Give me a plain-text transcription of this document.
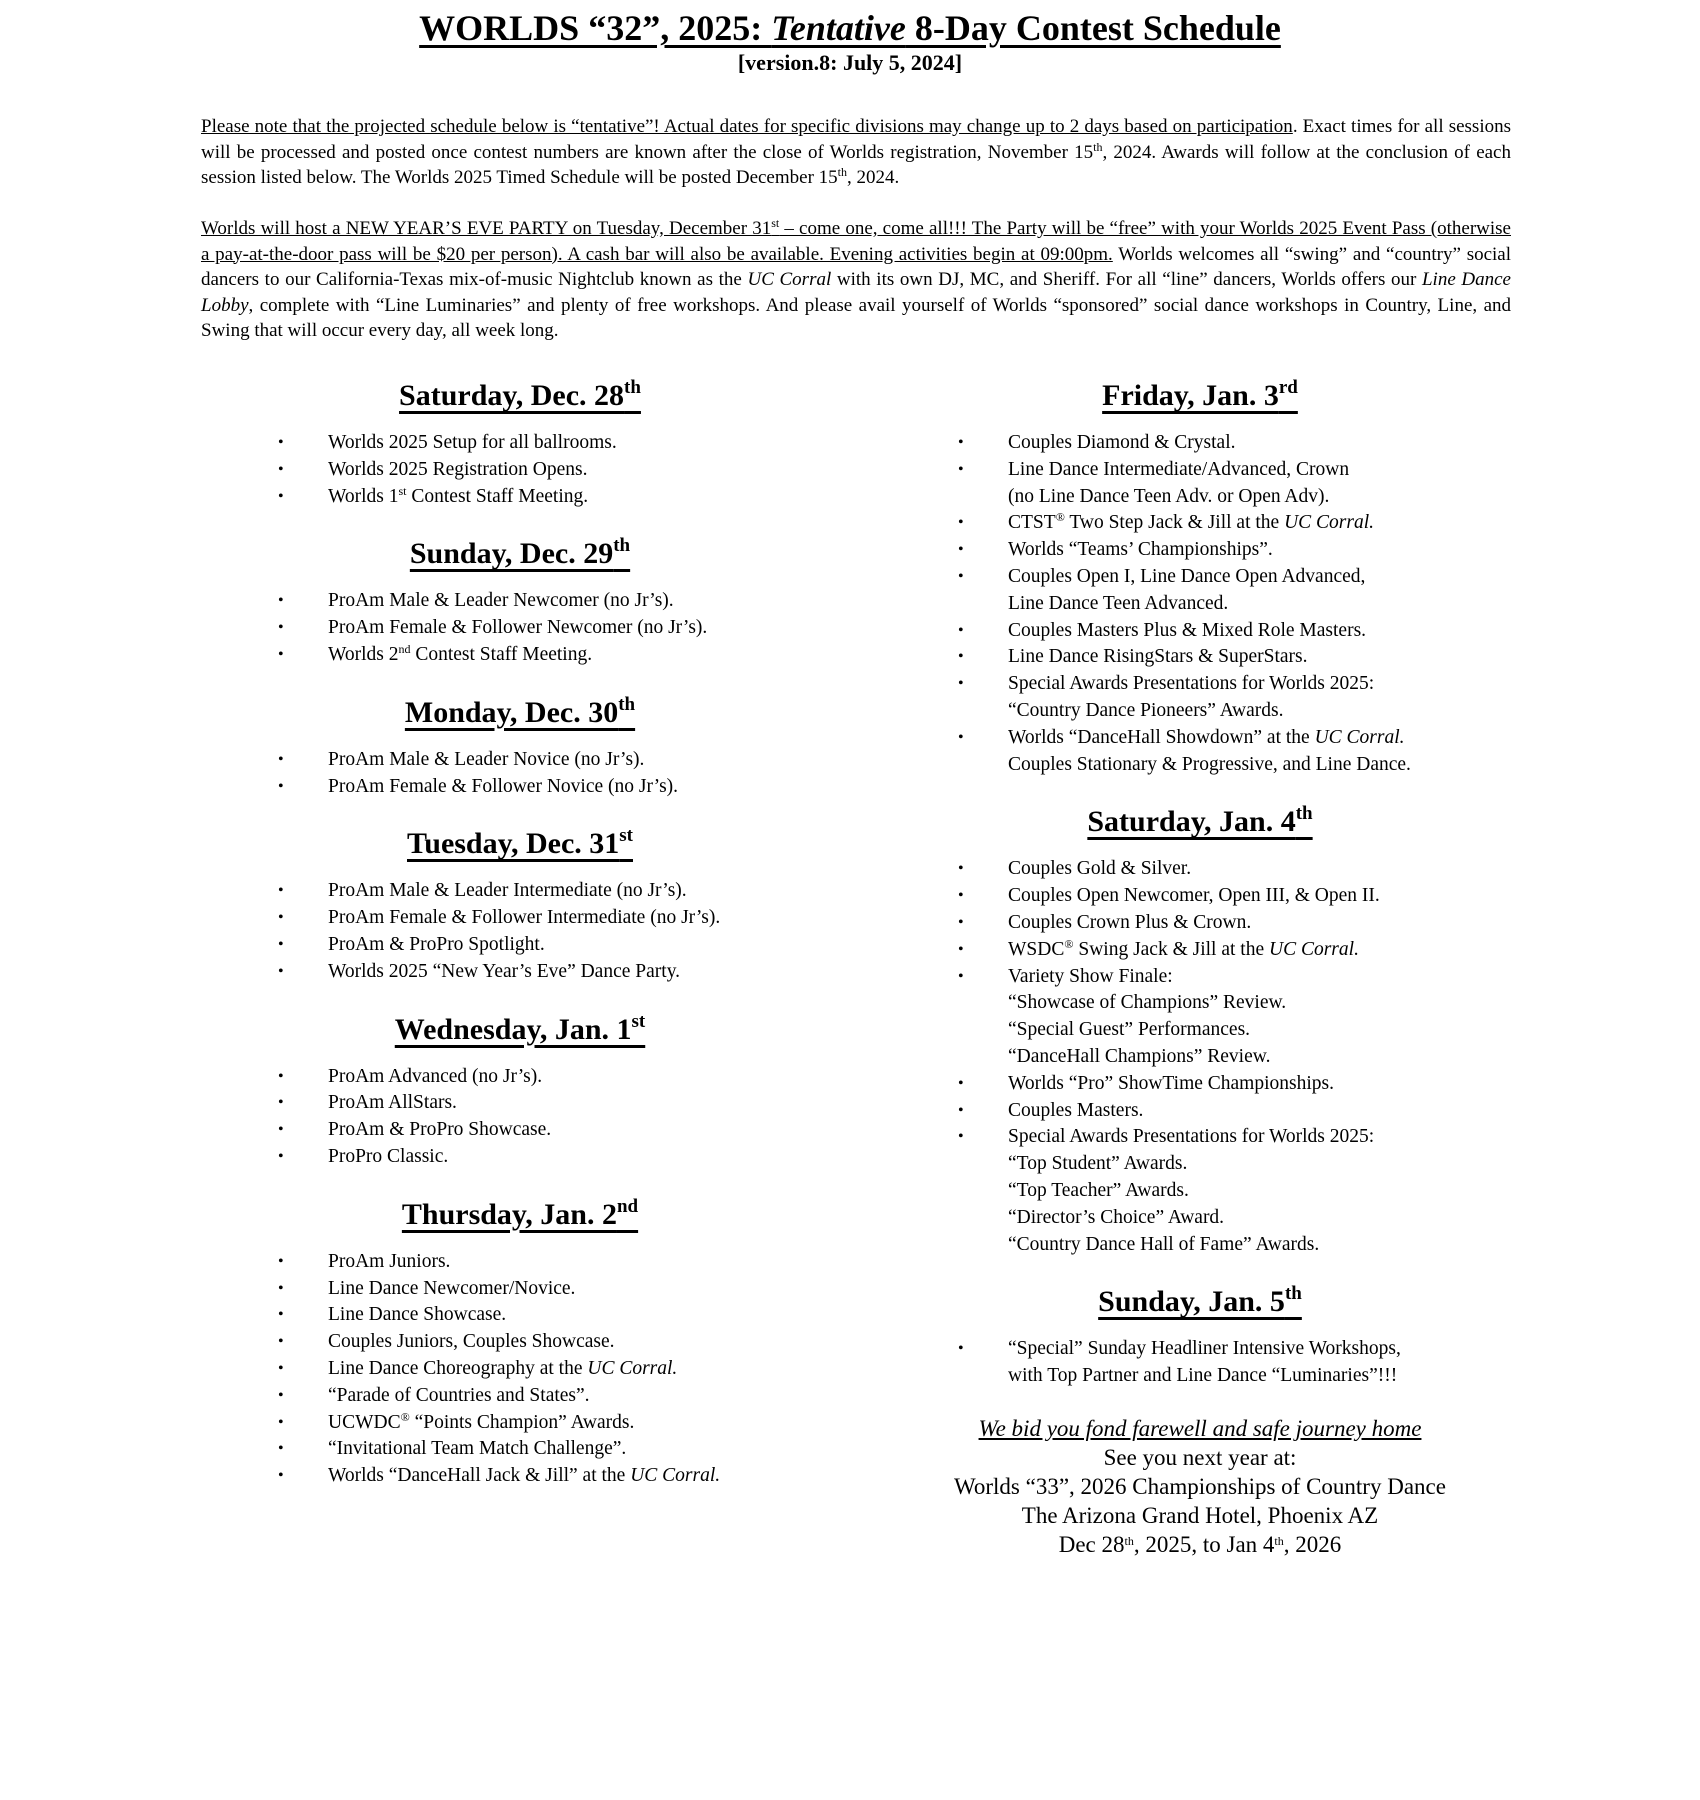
WORLDS “32”, 2025: Tentative 8-Day Contest Schedule
[version.8: July 5, 2024]
Please note that the projected schedule below is “tentative”! Actual dates for specific divisions may change up to 2 days based on participation. Exact times for all sessions will be processed and posted once contest numbers are known after the close of Worlds registration, November 15th, 2024. Awards will follow at the conclusion of each session listed below. The Worlds 2025 Timed Schedule will be posted December 15th, 2024.
Worlds will host a NEW YEAR’S EVE PARTY on Tuesday, December 31st – come one, come all!!! The Party will be “free” with your Worlds 2025 Event Pass (otherwise a pay-at-the-door pass will be $20 per person). A cash bar will also be available. Evening activities begin at 09:00pm. Worlds welcomes all “swing” and “country” social dancers to our California-Texas mix-of-music Nightclub known as the UC Corral with its own DJ, MC, and Sheriff. For all “line” dancers, Worlds offers our Line Dance Lobby, complete with “Line Luminaries” and plenty of free workshops. And please avail yourself of Worlds “sponsored” social dance workshops in Country, Line, and Swing that will occur every day, all week long.
Saturday, Dec. 28th
• Worlds 2025 Setup for all ballrooms.
• Worlds 2025 Registration Opens.
• Worlds 1st Contest Staff Meeting.
Sunday, Dec. 29th
• ProAm Male & Leader Newcomer (no Jr’s).
• ProAm Female & Follower Newcomer (no Jr’s).
• Worlds 2nd Contest Staff Meeting.
Monday, Dec. 30th
• ProAm Male & Leader Novice (no Jr’s).
• ProAm Female & Follower Novice (no Jr’s).
Tuesday, Dec. 31st
• ProAm Male & Leader Intermediate (no Jr’s).
• ProAm Female & Follower Intermediate (no Jr’s).
• ProAm & ProPro Spotlight.
• Worlds 2025 “New Year’s Eve” Dance Party.
Wednesday, Jan. 1st
• ProAm Advanced (no Jr’s).
• ProAm AllStars.
• ProAm & ProPro Showcase.
• ProPro Classic.
Thursday, Jan. 2nd
• ProAm Juniors.
• Line Dance Newcomer/Novice.
• Line Dance Showcase.
• Couples Juniors, Couples Showcase.
• Line Dance Choreography at the UC Corral.
• “Parade of Countries and States”.
• UCWDC® “Points Champion” Awards.
• “Invitational Team Match Challenge”.
• Worlds “DanceHall Jack & Jill” at the UC Corral.
Friday, Jan. 3rd
• Couples Diamond & Crystal.
• Line Dance Intermediate/Advanced, Crown
(no Line Dance Teen Adv. or Open Adv).
• CTST® Two Step Jack & Jill at the UC Corral.
• Worlds “Teams’ Championships”.
• Couples Open I, Line Dance Open Advanced,
Line Dance Teen Advanced.
• Couples Masters Plus & Mixed Role Masters.
• Line Dance RisingStars & SuperStars.
• Special Awards Presentations for Worlds 2025:
“Country Dance Pioneers” Awards.
• Worlds “DanceHall Showdown” at the UC Corral.
Couples Stationary & Progressive, and Line Dance.
Saturday, Jan. 4th
• Couples Gold & Silver.
• Couples Open Newcomer, Open III, & Open II.
• Couples Crown Plus & Crown.
• WSDC® Swing Jack & Jill at the UC Corral.
• Variety Show Finale:
“Showcase of Champions” Review.
“Special Guest” Performances.
“DanceHall Champions” Review.
• Worlds “Pro” ShowTime Championships.
• Couples Masters.
• Special Awards Presentations for Worlds 2025:
“Top Student” Awards.
“Top Teacher” Awards.
“Director’s Choice” Award.
“Country Dance Hall of Fame” Awards.
Sunday, Jan. 5th
• “Special” Sunday Headliner Intensive Workshops,
with Top Partner and Line Dance “Luminaries”!!!
We bid you fond farewell and safe journey home
See you next year at:
Worlds “33”, 2026 Championships of Country Dance
The Arizona Grand Hotel, Phoenix AZ
Dec 28th, 2025, to Jan 4th, 2026
